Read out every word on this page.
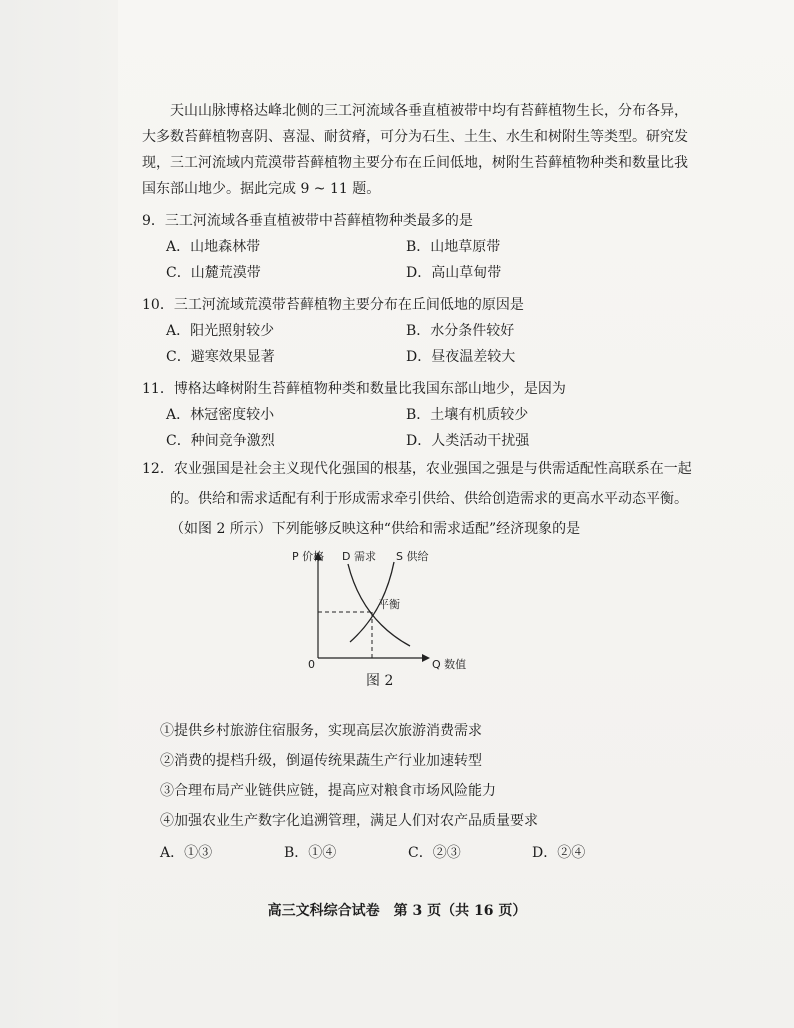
天山山脉博格达峰北侧的三工河流域各垂直植被带中均有苔藓植物生长，分布各异，

大多数苔藓植物喜阴、喜湿、耐贫瘠，可分为石生、土生、水生和树附生等类型。研究发

现，三工河流域内荒漠带苔藓植物主要分布在丘间低地，树附生苔藓植物种类和数量比我

国东部山地少。据此完成 9 ~ 11 题。

9．三工河流域各垂直植被带中苔藓植物种类最多的是
A．山地森林带	B．山地草原带
C．山麓荒漠带	D．高山草甸带
10．三工河流域荒漠带苔藓植物主要分布在丘间低地的原因是
A．阳光照射较少	B．水分条件较好
C．避寒效果显著	D．昼夜温差较大
11．博格达峰树附生苔藓植物种类和数量比我国东部山地少，是因为
A．林冠密度较小	B．土壤有机质较少
C．种间竞争激烈	D．人类活动干扰强

12．农业强国是社会主义现代化强国的根基，农业强国之强是与供需适配性高联系在一起

的。供给和需求适配有利于形成需求牵引供给、供给创造需求的更高水平动态平衡。

（如图 2 所示）下列能够反映这种“供给和需求适配”经济现象的是

P 价格 D 需求 S 供给
平衡
0	Q 数值
图 2
①提供乡村旅游住宿服务，实现高层次旅游消费需求
②消费的提档升级，倒逼传统果蔬生产行业加速转型
③合理布局产业链供应链，提高应对粮食市场风险能力
④加强农业生产数字化追溯管理，满足人们对农产品质量要求
A．①③	B．①④	C．②③	D．②④
高三文科综合试卷　第 3 页（共 16 页）
